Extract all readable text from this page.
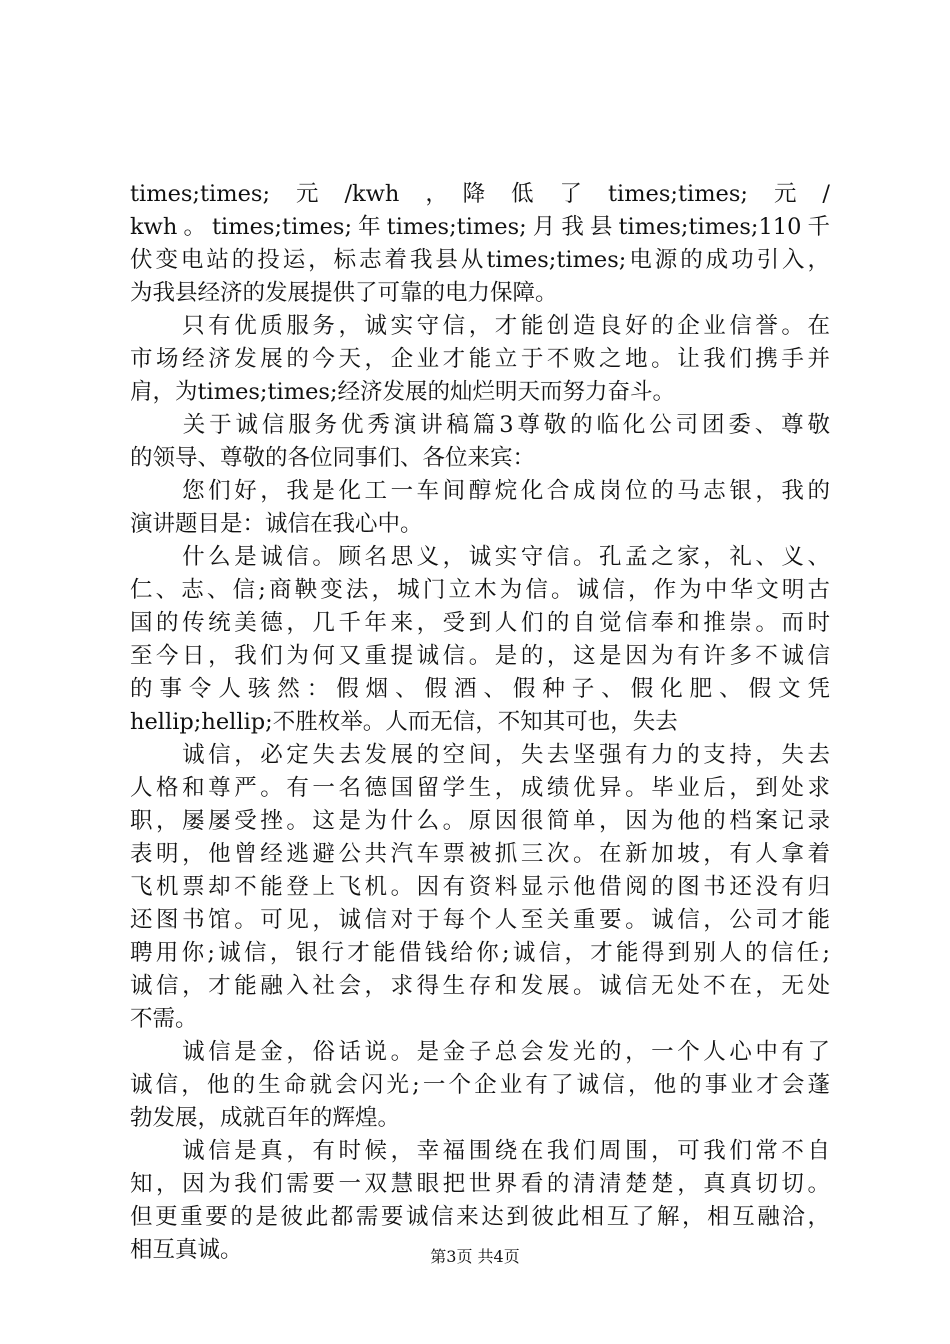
times;times;　元　/kwh　，　降　低　了　times;times;　元　/
kwh。times;times;年times;times;月我县times;times;110千
伏变电站的投运，标志着我县从times;times;电源的成功引入，
为我县经济的发展提供了可靠的电力保障。
　　只有优质服务，诚实守信，才能创造良好的企业信誉。在
市场经济发展的今天，企业才能立于不败之地。让我们携手并
肩，为times;times;经济发展的灿烂明天而努力奋斗。
　　关于诚信服务优秀演讲稿篇3尊敬的临化公司团委、尊敬
的领导、尊敬的各位同事们、各位来宾：
　　您们好，我是化工一车间醇烷化合成岗位的马志银，我的
演讲题目是：诚信在我心中。
　　什么是诚信。顾名思义，诚实守信。孔孟之家，礼、义、
仁、志、信;商鞅变法，城门立木为信。诚信，作为中华文明古
国的传统美德，几千年来，受到人们的自觉信奉和推崇。而时
至今日，我们为何又重提诚信。是的，这是因为有许多不诚信
的事令人骇然：假烟、假酒、假种子、假化肥、假文凭
hellip;hellip;不胜枚举。人而无信，不知其可也，失去
　　诚信，必定失去发展的空间，失去坚强有力的支持，失去
人格和尊严。有一名德国留学生，成绩优异。毕业后，到处求
职，屡屡受挫。这是为什么。原因很简单，因为他的档案记录
表明，他曾经逃避公共汽车票被抓三次。在新加坡，有人拿着
飞机票却不能登上飞机。因有资料显示他借阅的图书还没有归
还图书馆。可见，诚信对于每个人至关重要。诚信，公司才能
聘用你;诚信，银行才能借钱给你;诚信，才能得到别人的信任;
诚信，才能融入社会，求得生存和发展。诚信无处不在，无处
不需。
　　诚信是金，俗话说。是金子总会发光的，一个人心中有了
诚信，他的生命就会闪光;一个企业有了诚信，他的事业才会蓬
勃发展，成就百年的辉煌。
　　诚信是真，有时候，幸福围绕在我们周围，可我们常不自
知，因为我们需要一双慧眼把世界看的清清楚楚，真真切切。
但更重要的是彼此都需要诚信来达到彼此相互了解，相互融洽，
相互真诚。	第3页 共4页
